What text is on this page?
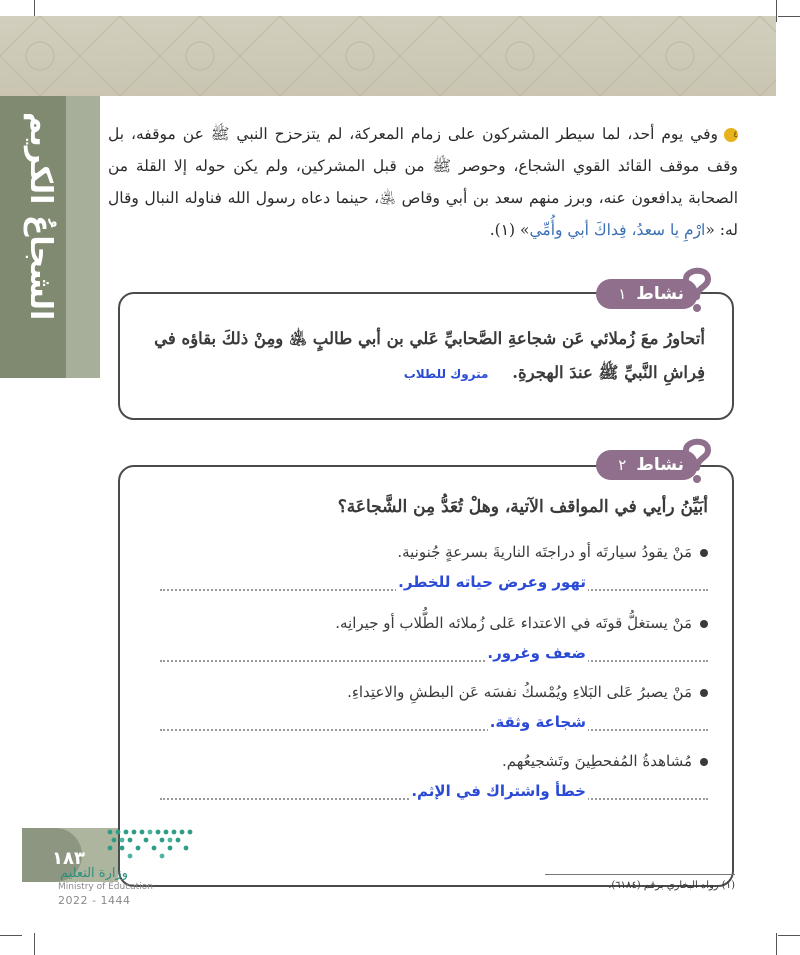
الشجاعُ الكريم	٤وفي يوم أحد، لما سيطر المشركون على زمام المعركة، لم يتزحزح النبي ﷺ عن موقفه، بل وقف موقف القائد القوي الشجاع، وحوصر ﷺ من قبل المشركين، ولم يكن حوله إلا القلة من الصحابة يدافعون عنه، وبرز منهم سعد بن أبي وقاص ﵁، حينما دعاه رسول الله فناوله النبال وقال له: «ارْمِ يا سعدُ، فِداكَ أبي وأُمِّي» (١).
نشاط
١
أتحاورُ معَ زُملائي عَن شجاعةِ الصَّحابيِّ عَلي بن أبي طالبٍ ﵁ ومِنْ ذلكَ بقاؤه في فِراشِ النَّبيِّ ﷺ عندَ الهجرةِ. متروك للطلاب
نشاط
٢
أبَيِّنُ رأيي في المواقف الآتية، وهلْ تُعَدُّ مِن الشَّجاعَة؟
مَنْ يقودُ سيارتَه أو دراجتَه الناريةَ بسرعةٍ جُنونية.
تهور وعرض حياته للخطر.
مَنْ يستغلُّ قوتَه في الاعتداء عَلى زُملائه الطُّلاب أو جيرانِه.
ضعف وغرور.
مَنْ يصبرُ عَلى البَلاءِ ويُمْسكُ نفسَه عَن البطشِ والاعتِداءِ.
شجاعة وثقة.
مُشاهدةُ المُفحطِينَ وتَشجيعُهم.
خطأ واشتراك في الإثم.
١٨٣
وزارة التعليم
Ministry of Education
2022 - 1444
(١) رواه البخاري برقم (٦١٨٤).
